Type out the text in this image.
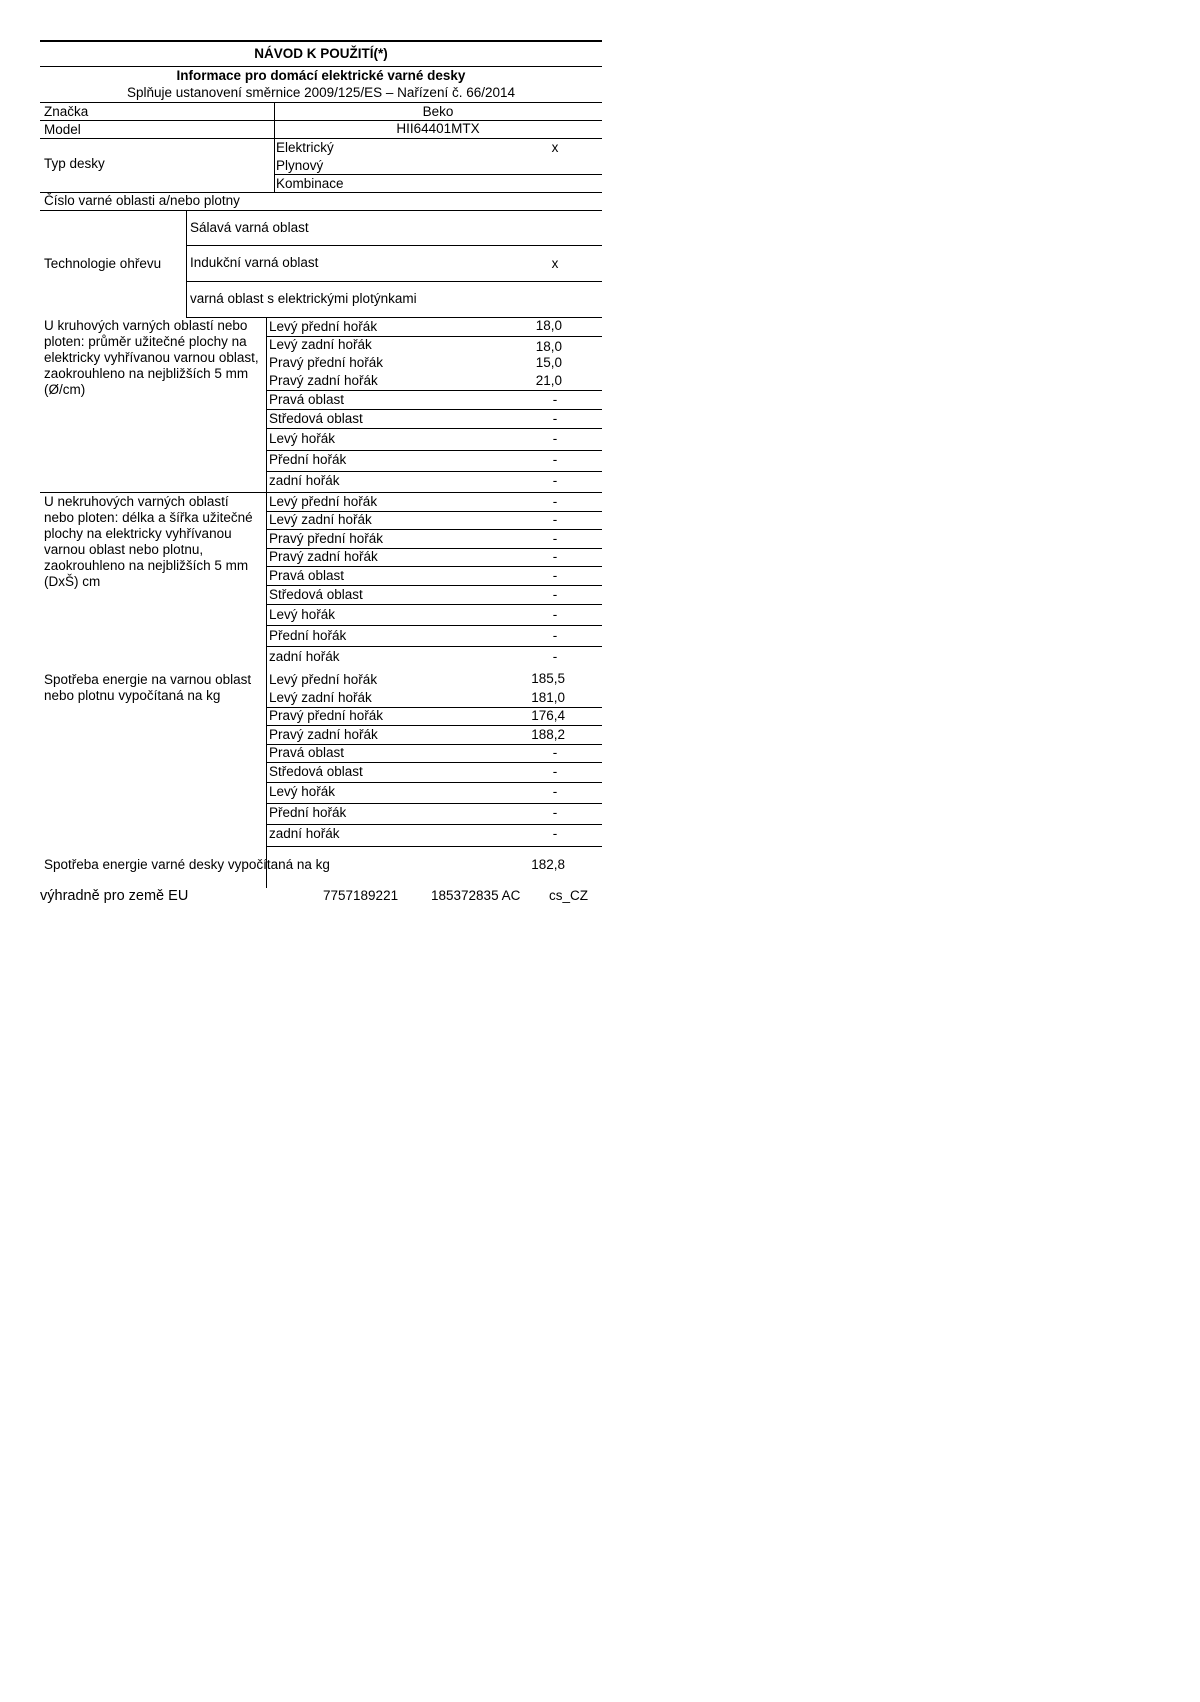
NÁVOD K POUŽITÍ(*)
Informace pro domácí elektrické varné desky
Splňuje ustanovení směrnice 2009/125/ES – Nařízení č. 66/2014
Značka	Beko
Model	HII64401MTX
Typ desky
Elektrický	x
Plynový
Kombinace
Číslo varné oblasti a/nebo plotny
Technologie ohřevu
Sálavá varná oblast
Indukční varná oblast	x
varná oblast s elektrickými plotýnkami
U kruhových varných oblastí nebo ploten: průměr užitečné plochy na elektricky vyhřívanou varnou oblast, zaokrouhleno na nejbližších 5 mm (Ø/cm)
Levý přední hořák	18,0
Levý zadní hořák	18,0
Pravý přední hořák	15,0
Pravý zadní hořák	21,0
Pravá oblast	-
Středová oblast	-
Levý hořák	-
Přední hořák	-
zadní hořák	-
U nekruhových varných oblastí nebo ploten: délka a šířka užitečné plochy na elektricky vyhřívanou varnou oblast nebo plotnu, zaokrouhleno na nejbližších 5 mm (DxŠ) cm
Levý přední hořák	-
Levý zadní hořák	-
Pravý přední hořák	-
Pravý zadní hořák	-
Pravá oblast	-
Středová oblast	-
Levý hořák	-
Přední hořák	-
zadní hořák	-
Spotřeba energie na varnou oblast nebo plotnu vypočítaná na kg
Levý přední hořák	185,5
Levý zadní hořák	181,0
Pravý přední hořák	176,4
Pravý zadní hořák	188,2
Pravá oblast	-
Středová oblast	-
Levý hořák	-
Přední hořák	-
zadní hořák	-
Spotřeba energie varné desky vypočítaná na kg	182,8
výhradně pro země EU	7757189221 185372835 AC cs_CZ
